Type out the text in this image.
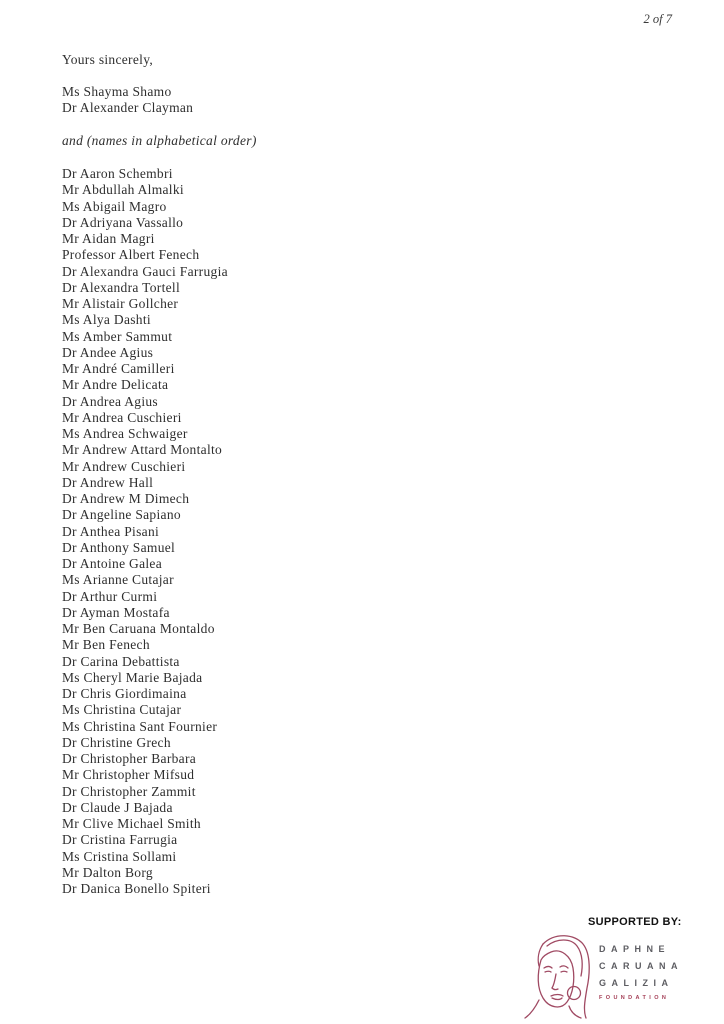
2 of 7
Yours sincerely,
Ms Shayma Shamo
Dr Alexander Clayman
and (names in alphabetical order)
Dr Aaron Schembri
Mr Abdullah Almalki
Ms Abigail Magro
Dr Adriyana Vassallo
Mr Aidan Magri
Professor Albert Fenech
Dr Alexandra Gauci Farrugia
Dr Alexandra Tortell
Mr Alistair Gollcher
Ms Alya Dashti
Ms Amber Sammut
Dr Andee Agius
Mr André Camilleri
Mr Andre Delicata
Dr Andrea Agius
Mr Andrea Cuschieri
Ms Andrea Schwaiger
Mr Andrew Attard Montalto
Mr Andrew Cuschieri
Dr Andrew Hall
Dr Andrew M Dimech
Dr Angeline Sapiano
Dr Anthea Pisani
Dr Anthony Samuel
Dr Antoine Galea
Ms Arianne Cutajar
Dr Arthur Curmi
Dr Ayman Mostafa
Mr Ben Caruana Montaldo
Mr Ben Fenech
Dr Carina Debattista
Ms Cheryl Marie Bajada
Dr Chris Giordimaina
Ms Christina Cutajar
Ms Christina Sant Fournier
Dr Christine Grech
Dr Christopher Barbara
Mr Christopher Mifsud
Dr Christopher Zammit
Dr Claude J Bajada
Mr Clive Michael Smith
Dr Cristina Farrugia
Ms Cristina Sollami
Mr Dalton Borg
Dr Danica Bonello Spiteri
SUPPORTED BY:
DAPHNE
CARUANA
GALIZIA
FOUNDATION
